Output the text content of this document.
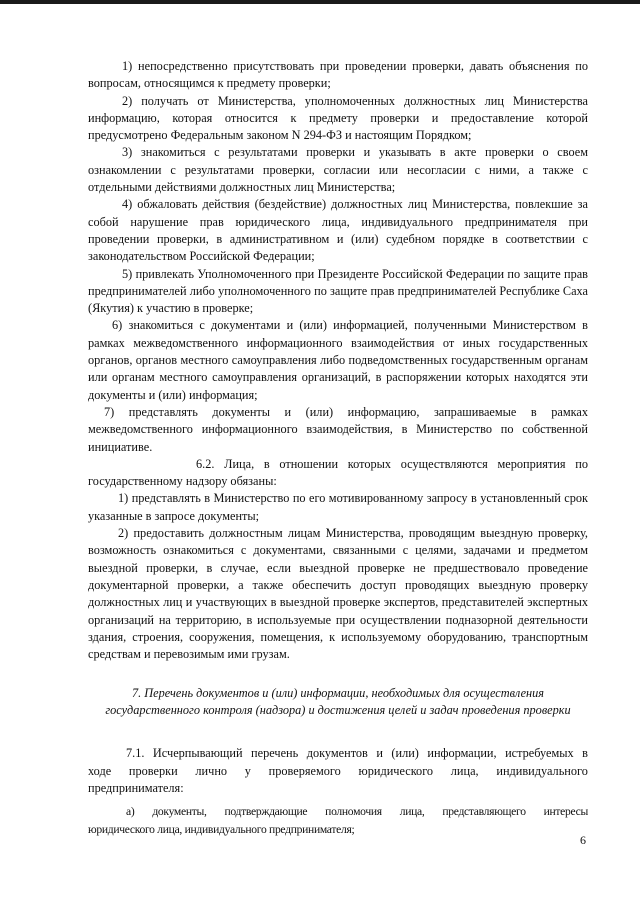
1) непосредственно присутствовать при проведении проверки, давать объяснения по вопросам, относящимся к предмету проверки;

2) получать от Министерства, уполномоченных должностных лиц Министерства информацию, которая относится к предмету проверки и предоставление которой предусмотрено Федеральным законом N 294-ФЗ и настоящим Порядком;

3) знакомиться с результатами проверки и указывать в акте проверки о своем ознакомлении с результатами проверки, согласии или несогласии с ними, а также с отдельными действиями должностных лиц Министерства;

4) обжаловать действия (бездействие) должностных лиц Министерства, повлекшие за собой нарушение прав юридического лица, индивидуального предпринимателя при проведении проверки, в административном и (или) судебном порядке в соответствии с законодательством Российской Федерации;

5) привлекать Уполномоченного при Президенте Российской Федерации по защите прав предпринимателей либо уполномоченного по защите прав предпринимателей Республике Саха (Якутия) к участию в проверке;

6) знакомиться с документами и (или) информацией, полученными Министерством в рамках межведомственного информационного взаимодействия от иных государственных органов, органов местного самоуправления либо подведомственных государственным органам или органам местного самоуправления организаций, в распоряжении которых находятся эти документы и (или) информация;

7) представлять документы и (или) информацию, запрашиваемые в рамках межведомственного информационного взаимодействия, в Министерство по собственной инициативе.

6.2. Лица, в отношении которых осуществляются мероприятия по

государственному надзору обязаны:

1) представлять в Министерство по его мотивированному запросу в установленный срок указанные в запросе документы;

2) предоставить должностным лицам Министерства, проводящим выездную проверку, возможность ознакомиться с документами, связанными с целями, задачами и предметом выездной проверки, в случае, если выездной проверке не предшествовало проведение документарной проверки, а также обеспечить доступ проводящих выездную проверку должностных лиц и участвующих в выездной проверке экспертов, представителей экспертных организаций на территорию, в используемые при осуществлении подназорной деятельности здания, строения, сооружения, помещения, к используемому оборудованию, транспортным средствам и перевозимым ими грузам.

7. Перечень документов и (или) информации, необходимых для осуществления государственного контроля (надзора) и достижения целей и задач проведения проверки

7.1. Исчерпывающий перечень документов и (или) информации, истребуемых в
ходе проверки лично у проверяемого юридического лица, индивидуального

предпринимателя:

а) документы, подтверждающие полномочия лица, представляющего интересы

юридического лица, индивидуального предпринимателя;

6
